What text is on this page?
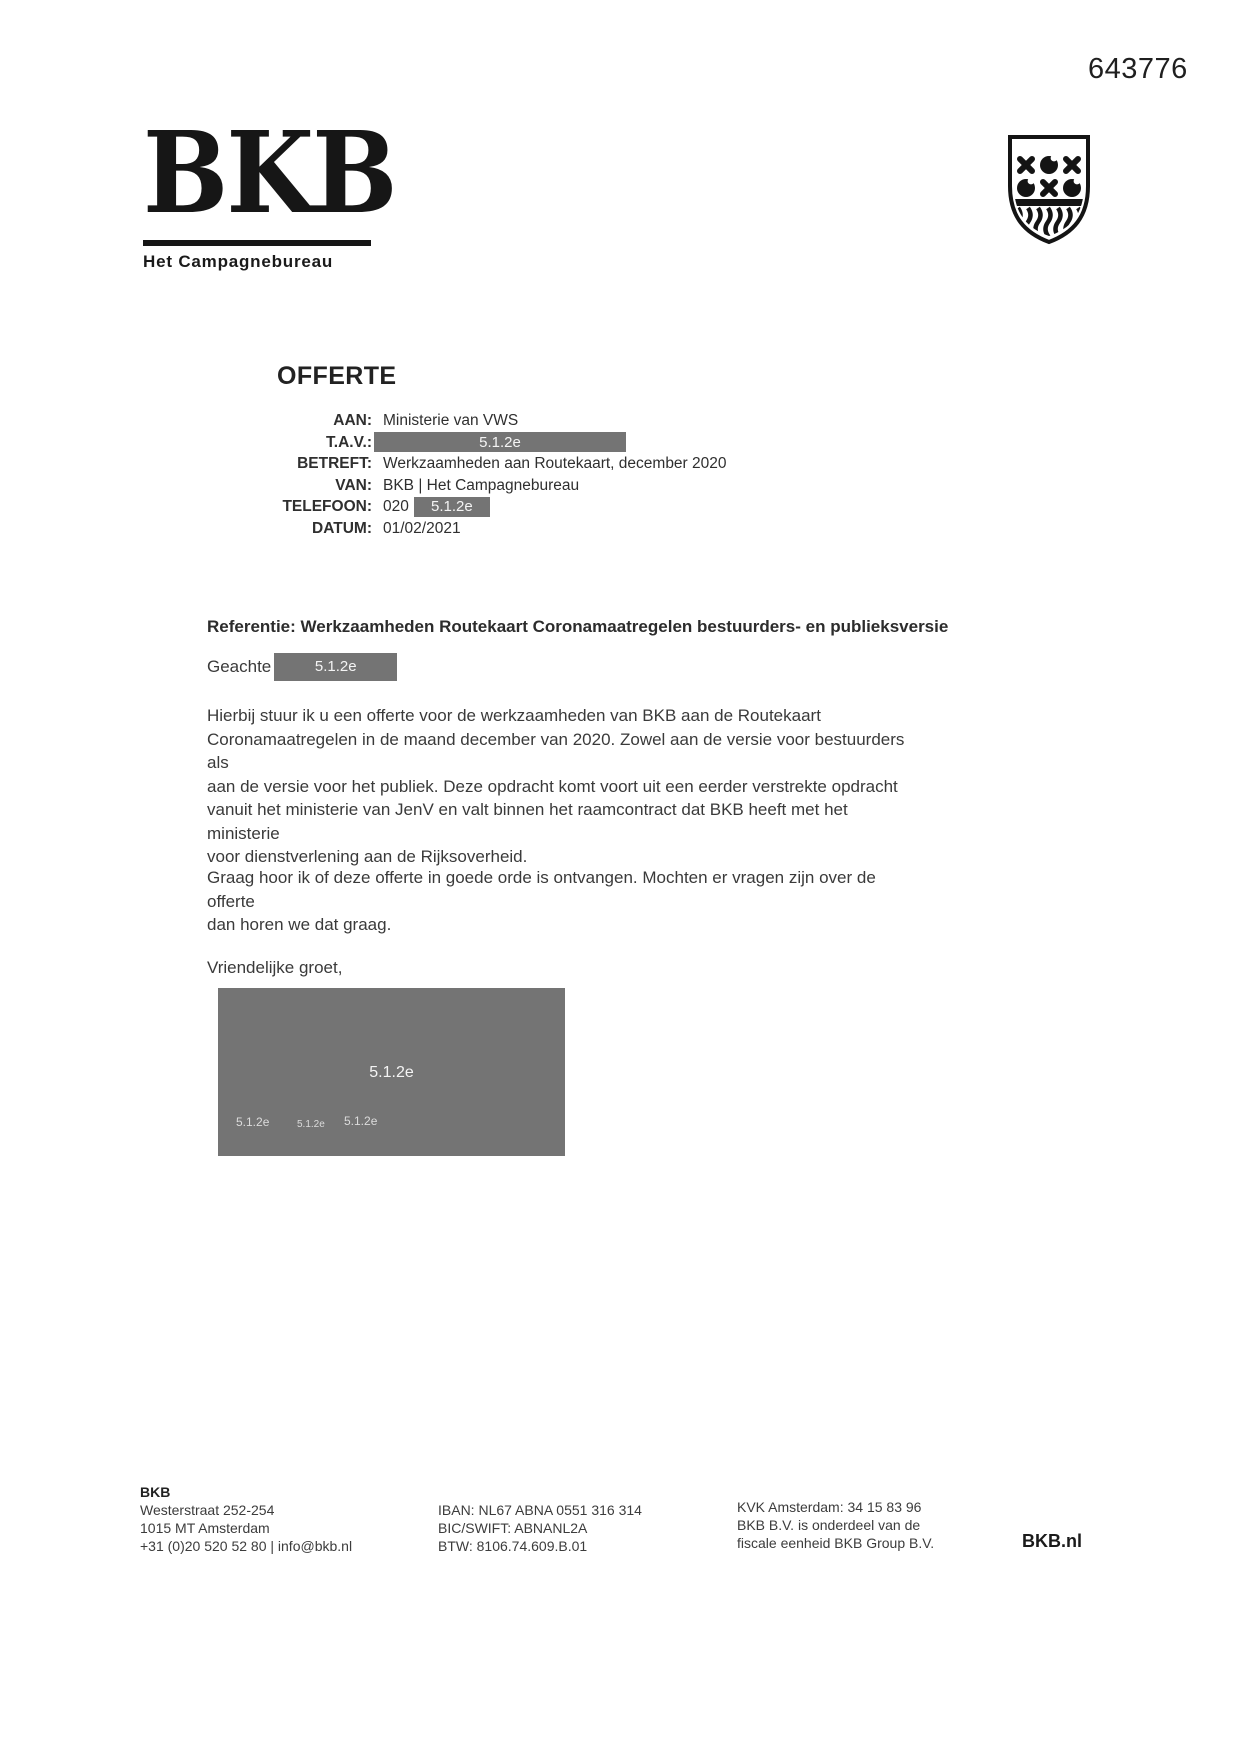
643776
BKB
Het Campagnebureau
OFFERTE
AAN: Ministerie van VWS
T.A.V.:	5.1.2e
BETREFT: Werkzaamheden aan Routekaart, december 2020
VAN: BKB | Het Campagnebureau
TELEFOON: 020 5.1.2e
DATUM: 01/02/2021
Referentie: Werkzaamheden Routekaart Coronamaatregelen bestuurders- en publieksversie
Geachte	5.1.2e
Hierbij stuur ik u een offerte voor de werkzaamheden van BKB aan de Routekaart
Coronamaatregelen in de maand december van 2020. Zowel aan de versie voor bestuurders als
aan de versie voor het publiek. Deze opdracht komt voort uit een eerder verstrekte opdracht
vanuit het ministerie van JenV en valt binnen het raamcontract dat BKB heeft met het ministerie
voor dienstverlening aan de Rijksoverheid.
Graag hoor ik of deze offerte in goede orde is ontvangen. Mochten er vragen zijn over de offerte
dan horen we dat graag.
Vriendelijke groet,
5.1.2e
5.1.2e	5.1.2e 5.1.2e
BKB
Westerstraat 252-254
1015 MT Amsterdam
+31 (0)20 520 52 80 | info@bkb.nl
IBAN: NL67 ABNA 0551 316 314
BIC/SWIFT: ABNANL2A
BTW: 8106.74.609.B.01
KVK Amsterdam: 34 15 83 96
BKB B.V. is onderdeel van de
fiscale eenheid BKB Group B.V.	BKB.nl
